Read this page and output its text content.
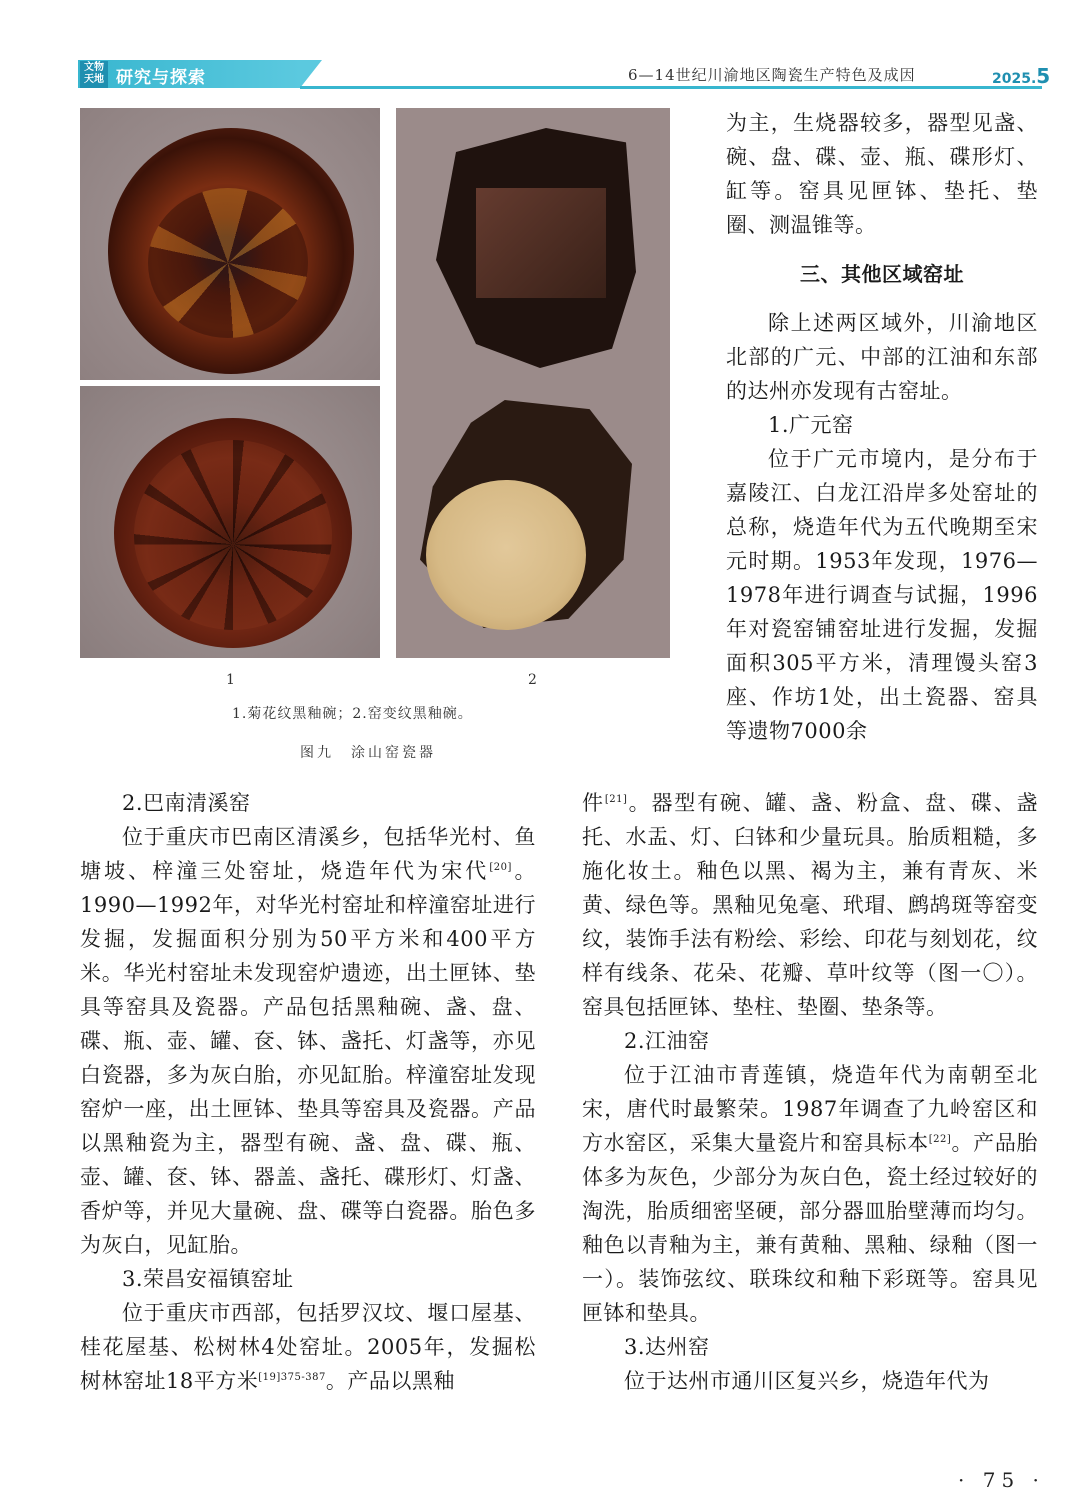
文物
天地 研究与探索	6—14世纪川渝地区陶瓷生产特色及成因	2025.5
1	2
1.菊花纹黑釉碗；2.窑变纹黑釉碗。
图九　涂山窑瓷器

为主，生烧器较多，器型见盏、碗、盘、碟、壶、瓶、碟形灯、缸等。窑具见匣钵、垫托、垫圈、测温锥等。

三、其他区域窑址

除上述两区域外，川渝地区北部的广元、中部的江油和东部的达州亦发现有古窑址。

1.广元窑

位于广元市境内，是分布于嘉陵江、白龙江沿岸多处窑址的总称，烧造年代为五代晚期至宋元时期。1953年发现，1976—1978年进行调查与试掘，1996年对瓷窑铺窑址进行发掘，发掘面积305平方米，清理馒头窑3座、作坊1处，出土瓷器、窑具等遗物7000余

件[21]。器型有碗、罐、盏、粉盒、盘、碟、盏托、水盂、灯、臼钵和少量玩具。胎质粗糙，多施化妆土。釉色以黑、褐为主，兼有青灰、米黄、绿色等。黑釉见兔毫、玳瑁、鹧鸪斑等窑变纹，装饰手法有粉绘、彩绘、印花与刻划花，纹样有线条、花朵、花瓣、草叶纹等（图一〇）。窑具包括匣钵、垫柱、垫圈、垫条等。

2.江油窑

位于江油市青莲镇，烧造年代为南朝至北宋，唐代时最繁荣。1987年调查了九岭窑区和方水窑区，采集大量瓷片和窑具标本[22]。产品胎体多为灰色，少部分为灰白色，瓷土经过较好的淘洗，胎质细密坚硬，部分器皿胎壁薄而均匀。釉色以青釉为主，兼有黄釉、黑釉、绿釉（图一一）。装饰弦纹、联珠纹和釉下彩斑等。窑具见匣钵和垫具。

3.达州窑

位于达州市通川区复兴乡，烧造年代为

2.巴南清溪窑

位于重庆市巴南区清溪乡，包括华光村、鱼塘坡、梓潼三处窑址，烧造年代为宋代[20]。1990—1992年，对华光村窑址和梓潼窑址进行发掘，发掘面积分别为50平方米和400平方米。华光村窑址未发现窑炉遗迹，出土匣钵、垫具等窑具及瓷器。产品包括黑釉碗、盏、盘、碟、瓶、壶、罐、奁、钵、盏托、灯盏等，亦见白瓷器，多为灰白胎，亦见缸胎。梓潼窑址发现窑炉一座，出土匣钵、垫具等窑具及瓷器。产品以黑釉瓷为主，器型有碗、盏、盘、碟、瓶、壶、罐、奁、钵、器盖、盏托、碟形灯、灯盏、香炉等，并见大量碗、盘、碟等白瓷器。胎色多为灰白，见缸胎。

3.荣昌安福镇窑址

位于重庆市西部，包括罗汉坟、堰口屋基、桂花屋基、松树林4处窑址。2005年，发掘松树林窑址18平方米$^{[19]375-387}$。产品以黑釉

· 75 ·
